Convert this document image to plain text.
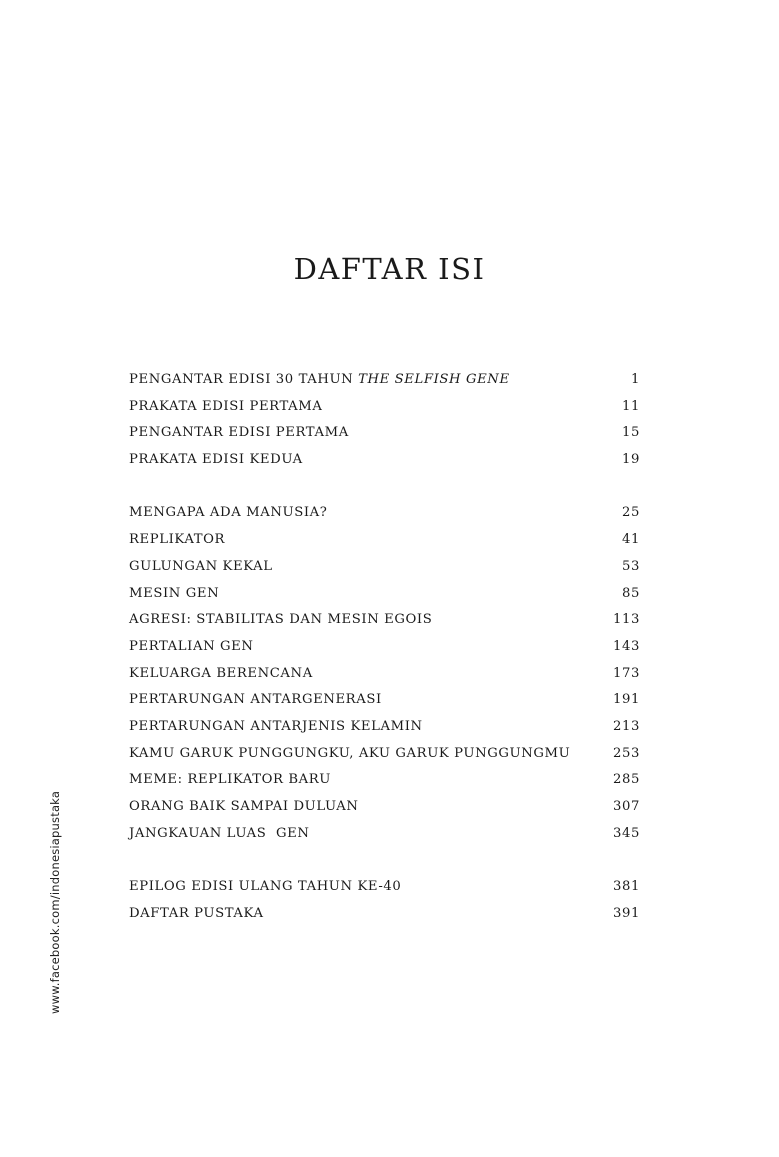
DAFTAR ISI
PENGANTAR EDISI 30 TAHUN THE SELFISH GENE	1
PRAKATA EDISI PERTAMA	11
PENGANTAR EDISI PERTAMA	15
PRAKATA EDISI KEDUA	19
MENGAPA ADA MANUSIA?	25
REPLIKATOR	41
GULUNGAN KEKAL	53
MESIN GEN	85
AGRESI: STABILITAS DAN MESIN EGOIS	113
PERTALIAN GEN	143
KELUARGA BERENCANA	173
PERTARUNGAN ANTARGENERASI	191
PERTARUNGAN ANTARJENIS KELAMIN	213
KAMU GARUK PUNGGUNGKU, AKU GARUK PUNGGUNGMU	253
MEME: REPLIKATOR BARU	285
ORANG BAIK SAMPAI DULUAN	307
JANGKAUAN LUAS  GEN	345
EPILOG EDISI ULANG TAHUN KE-40	381
DAFTAR PUSTAKA	391
www.facebook.com/indonesiapustaka
